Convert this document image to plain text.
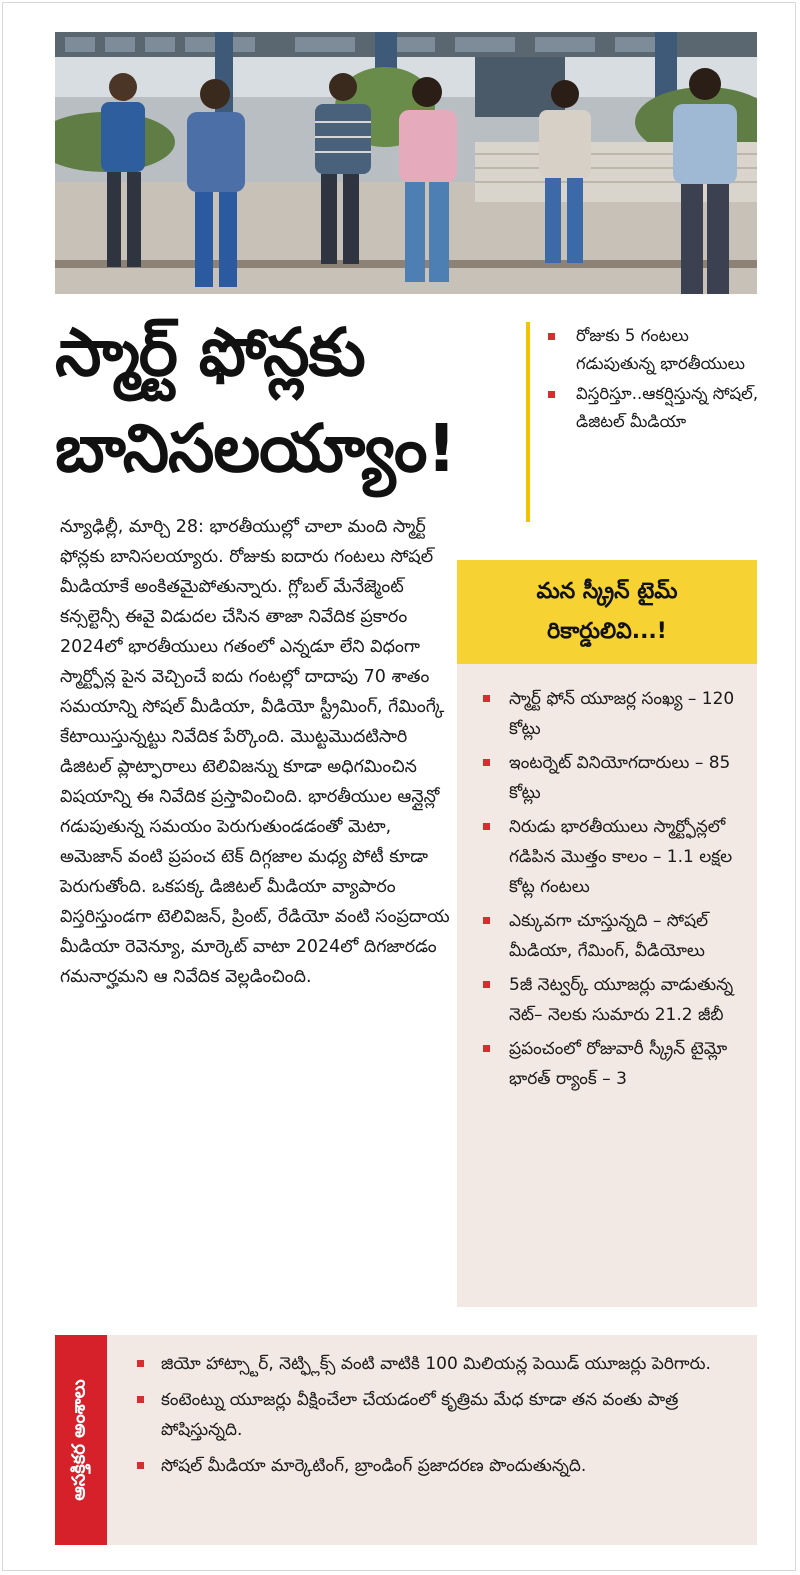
స్మార్ట్ ఫోన్లకు
బానిసలయ్యాం!
రోజుకు 5 గంటలు గడుపుతున్న భారతీయులు
విస్తరిస్తూ..ఆకర్షిస్తున్న సోషల్, డిజిటల్ మీడియా
న్యూఢిల్లీ, మార్చి 28: భారతీయుల్లో చాలా మంది స్మార్ట్ ఫోన్లకు బానిసలయ్యారు. రోజుకు ఐదారు గంటలు సోషల్ మీడియాకే అంకితమైపోతున్నారు. గ్లోబల్ మేనేజ్మెంట్ కన్సల్టెన్సీ ఈవై విడుదల చేసిన తాజా నివేదిక ప్రకారం 2024లో భారతీయులు గతంలో ఎన్నడూ లేని విధంగా స్మార్ట్ఫోన్ల పైన వెచ్చించే ఐదు గంటల్లో దాదాపు 70 శాతం సమయాన్ని సోషల్ మీడియా, వీడియో స్ట్రీమింగ్, గేమింగ్కే కేటాయిస్తున్నట్టు నివేదిక పేర్కొంది. మొట్టమొదటిసారి డిజిటల్ ప్లాట్ఫారాలు టెలివిజన్ను కూడా అధిగమించిన విషయాన్ని ఈ నివేదిక ప్రస్తావించింది. భారతీయుల ఆన్లైన్లో గడుపుతున్న సమయం పెరుగుతుండడంతో మెటా, అమెజాన్ వంటి ప్రపంచ టెక్ దిగ్గజాల మధ్య పోటీ కూడా పెరుగుతోంది. ఒకపక్క డిజిటల్ మీడియా వ్యాపారం విస్తరిస్తుండగా టెలివిజన్, ప్రింట్, రేడియో వంటి సంప్రదాయ మీడియా రెవెన్యూ, మార్కెట్ వాటా 2024లో దిగజారడం గమనార్హమని ఆ నివేదిక వెల్లడించింది.
మన స్క్రీన్ టైమ్
రికార్డులివి...!
స్మార్ట్ ఫోన్ యూజర్ల సంఖ్య – 120 కోట్లు
ఇంటర్నెట్ వినియోగదారులు – 85 కోట్లు
నిరుడు భారతీయులు స్మార్ట్ఫోన్లలో గడిపిన మొత్తం కాలం – 1.1 లక్షల కోట్ల గంటలు
ఎక్కువగా చూస్తున్నది – సోషల్ మీడియా, గేమింగ్, వీడియోలు
5జీ నెట్వర్క్ యూజర్లు వాడుతున్న నెట్– నెలకు సుమారు 21.2 జీబీ
ప్రపంచంలో రోజువారీ స్క్రీన్ టైమ్లో భారత్ ర్యాంక్ – 3
ఆసక్తికర అంశాలు
జియో హాట్స్టార్, నెట్ఫ్లిక్స్ వంటి వాటికి 100 మిలియన్ల పెయిడ్ యూజర్లు పెరిగారు.
కంటెంట్ను యూజర్లు వీక్షించేలా చేయడంలో కృత్రిమ మేధ కూడా తన వంతు పాత్ర పోషిస్తున్నది.
సోషల్ మీడియా మార్కెటింగ్, బ్రాండింగ్ ప్రజాదరణ పొందుతున్నది.
